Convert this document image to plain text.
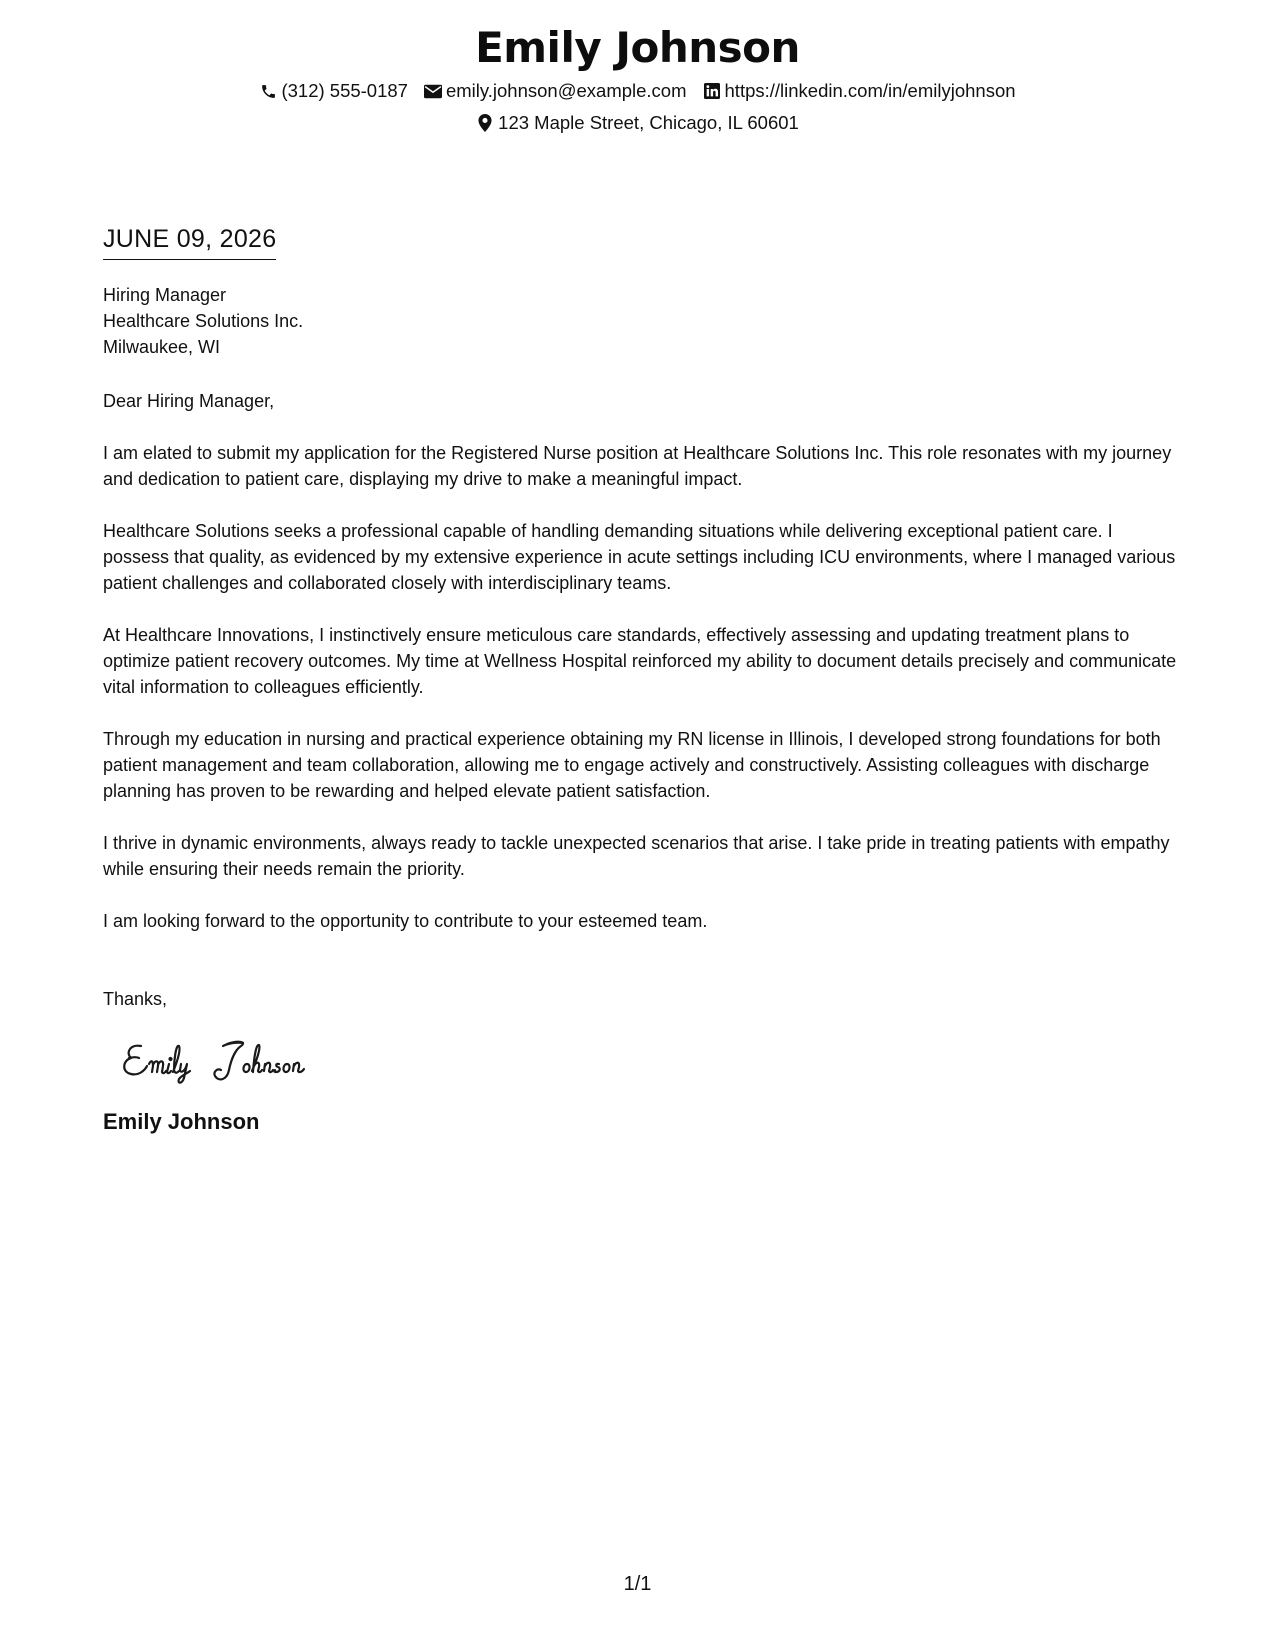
Emily Johnson
(312) 555-0187 emily.johnson@example.com https://linkedin.com/in/emilyjohnson
123 Maple Street, Chicago, IL 60601
JUNE 09, 2026
Hiring Manager
Healthcare Solutions Inc.
Milwaukee, WI
Dear Hiring Manager,

I am elated to submit my application for the Registered Nurse position at Healthcare Solutions Inc. This role resonates with my journey and dedication to patient care, displaying my drive to make a meaningful impact.

Healthcare Solutions seeks a professional capable of handling demanding situations while delivering exceptional patient care. I possess that quality, as evidenced by my extensive experience in acute settings including ICU environments, where I managed various patient challenges and collaborated closely with interdisciplinary teams.

At Healthcare Innovations, I instinctively ensure meticulous care standards, effectively assessing and updating treatment plans to optimize patient recovery outcomes. My time at Wellness Hospital reinforced my ability to document details precisely and communicate vital information to colleagues efficiently.

Through my education in nursing and practical experience obtaining my RN license in Illinois, I developed strong foundations for both patient management and team collaboration, allowing me to engage actively and constructively. Assisting colleagues with discharge planning has proven to be rewarding and helped elevate patient satisfaction.

I thrive in dynamic environments, always ready to tackle unexpected scenarios that arise. I take pride in treating patients with empathy while ensuring their needs remain the priority.

I am looking forward to the opportunity to contribute to your esteemed team.

Thanks,
Emily Johnson
1/1
